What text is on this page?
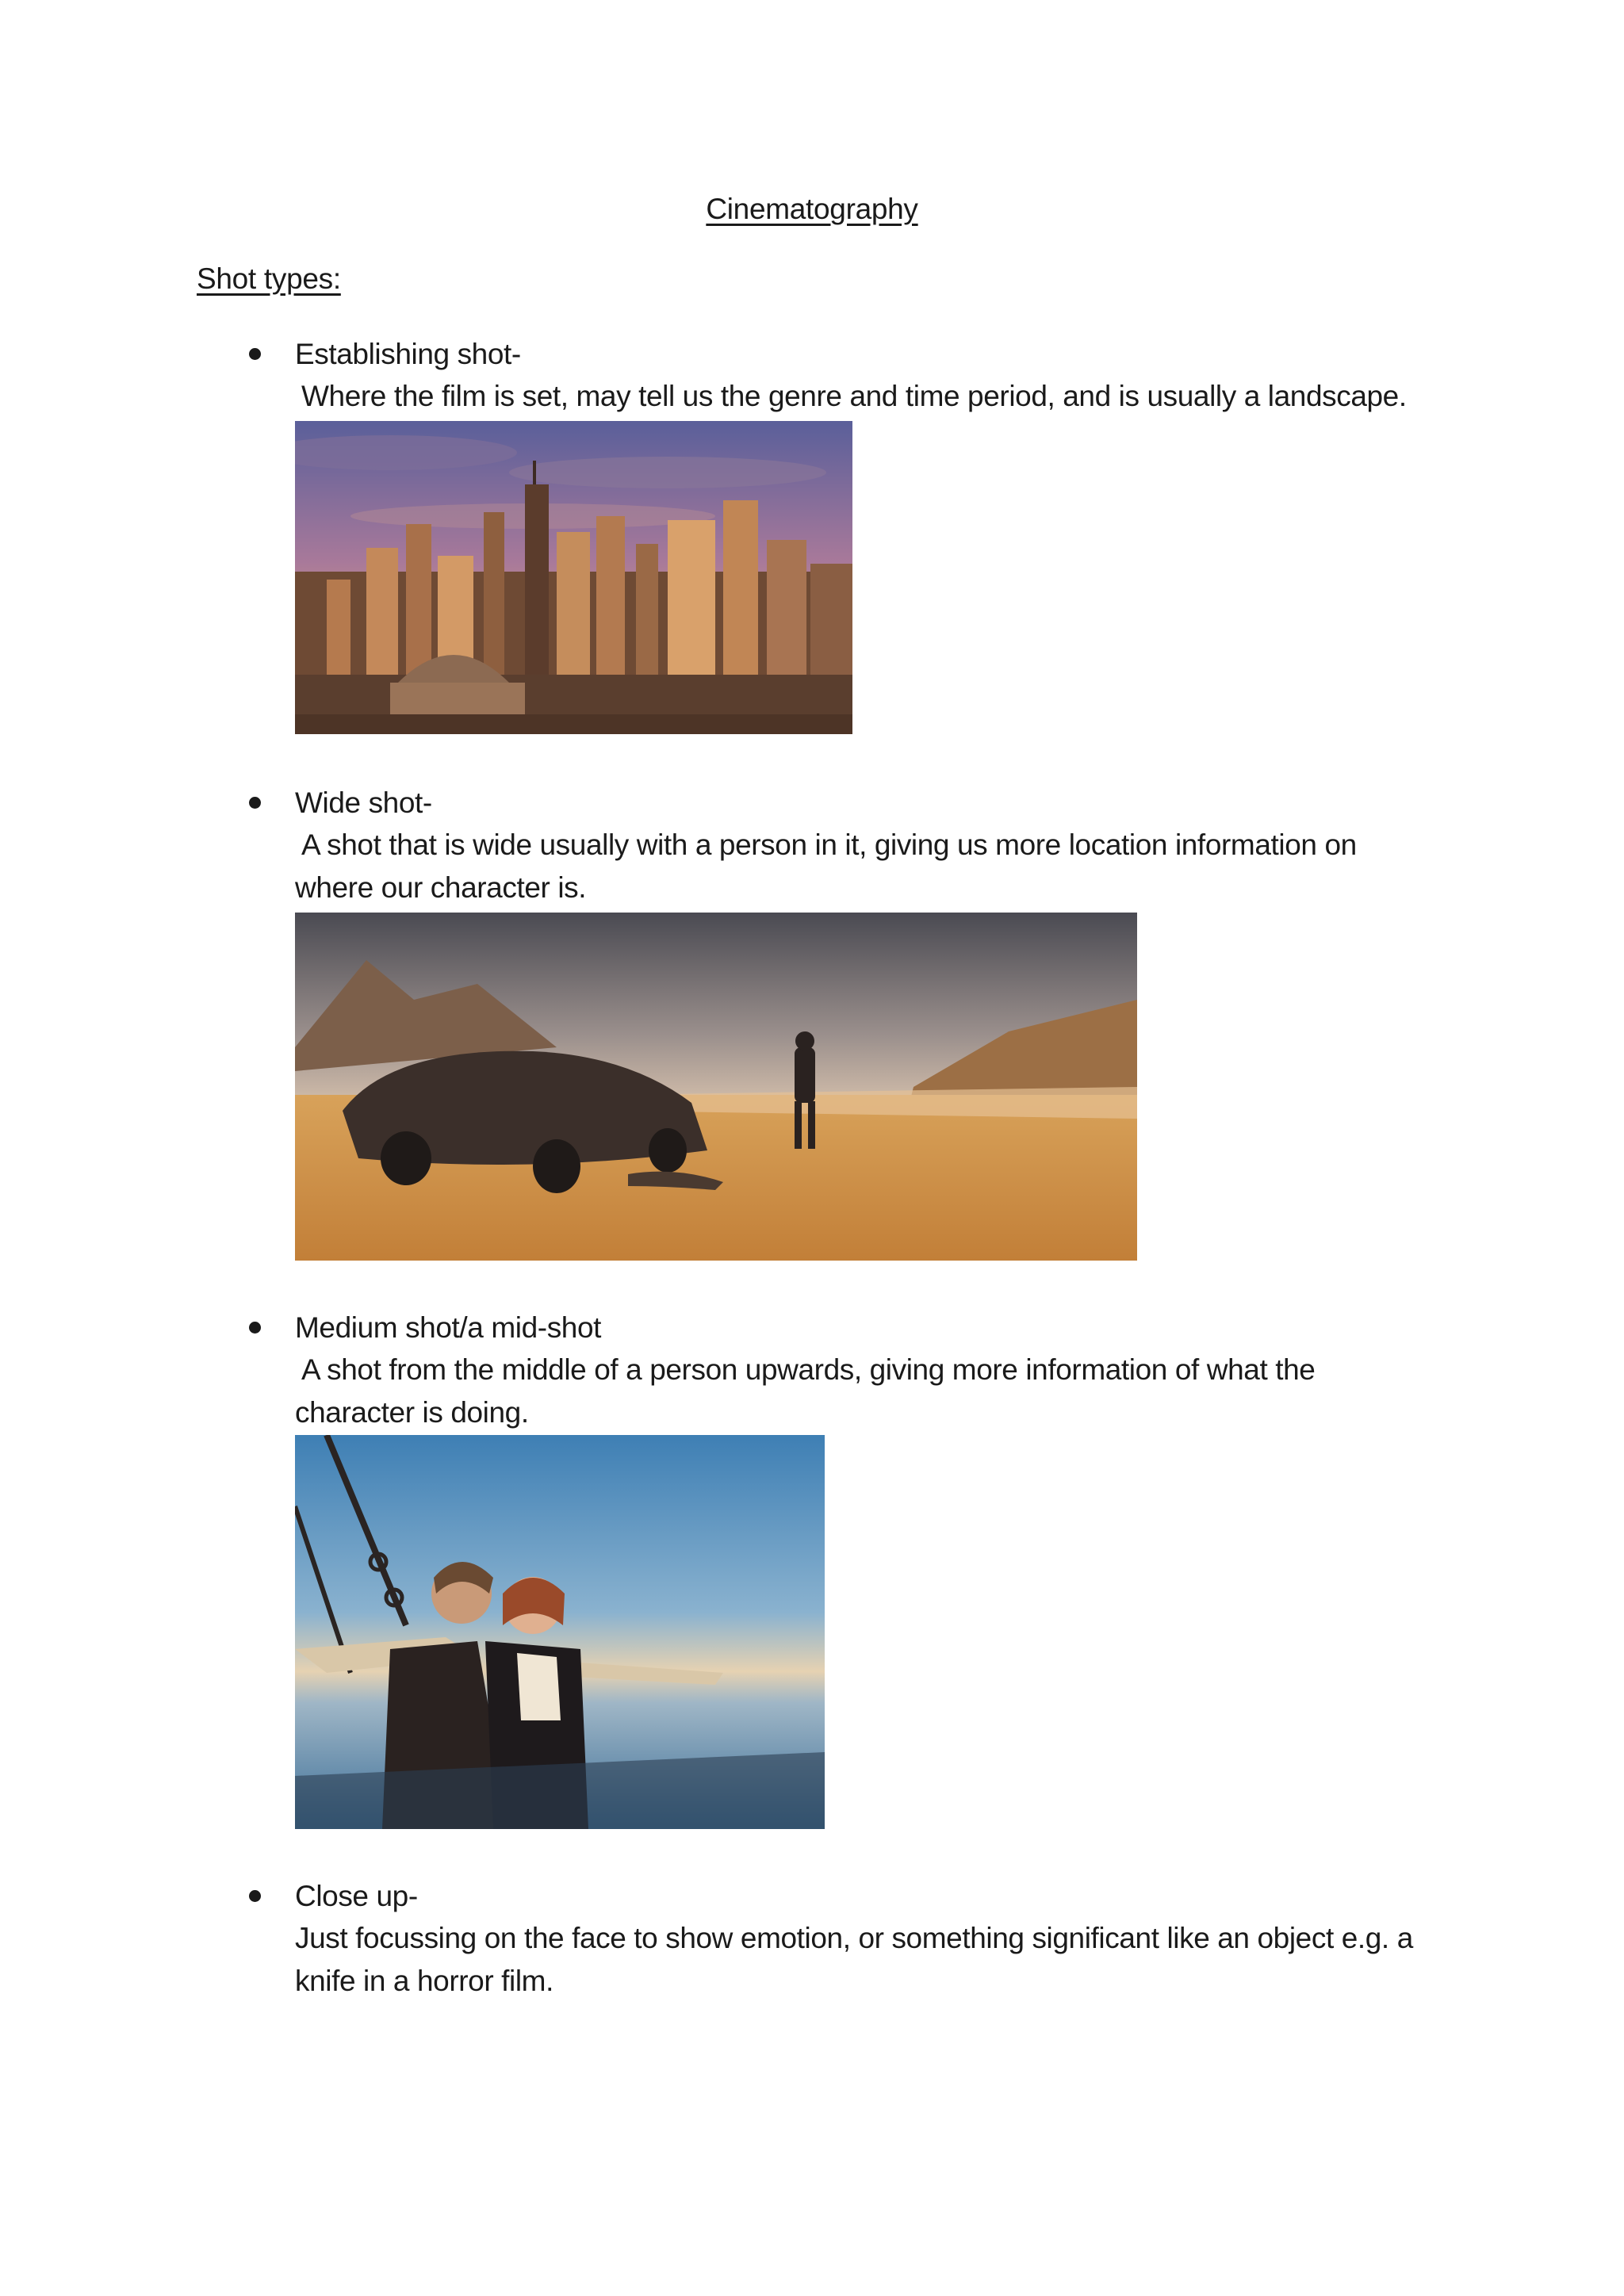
Cinematography
Shot types:
Establishing shot-
Where the film is set, may tell us the genre and time period, and is usually a landscape.
Wide shot-
A shot that is wide usually with a person in it, giving us more location information on where our character is.
Medium shot/a mid-shot
A shot from the middle of a person upwards, giving more information of what the character is doing.
Close up-
Just focussing on the face to show emotion, or something significant like an object e.g. a knife in a horror film.
